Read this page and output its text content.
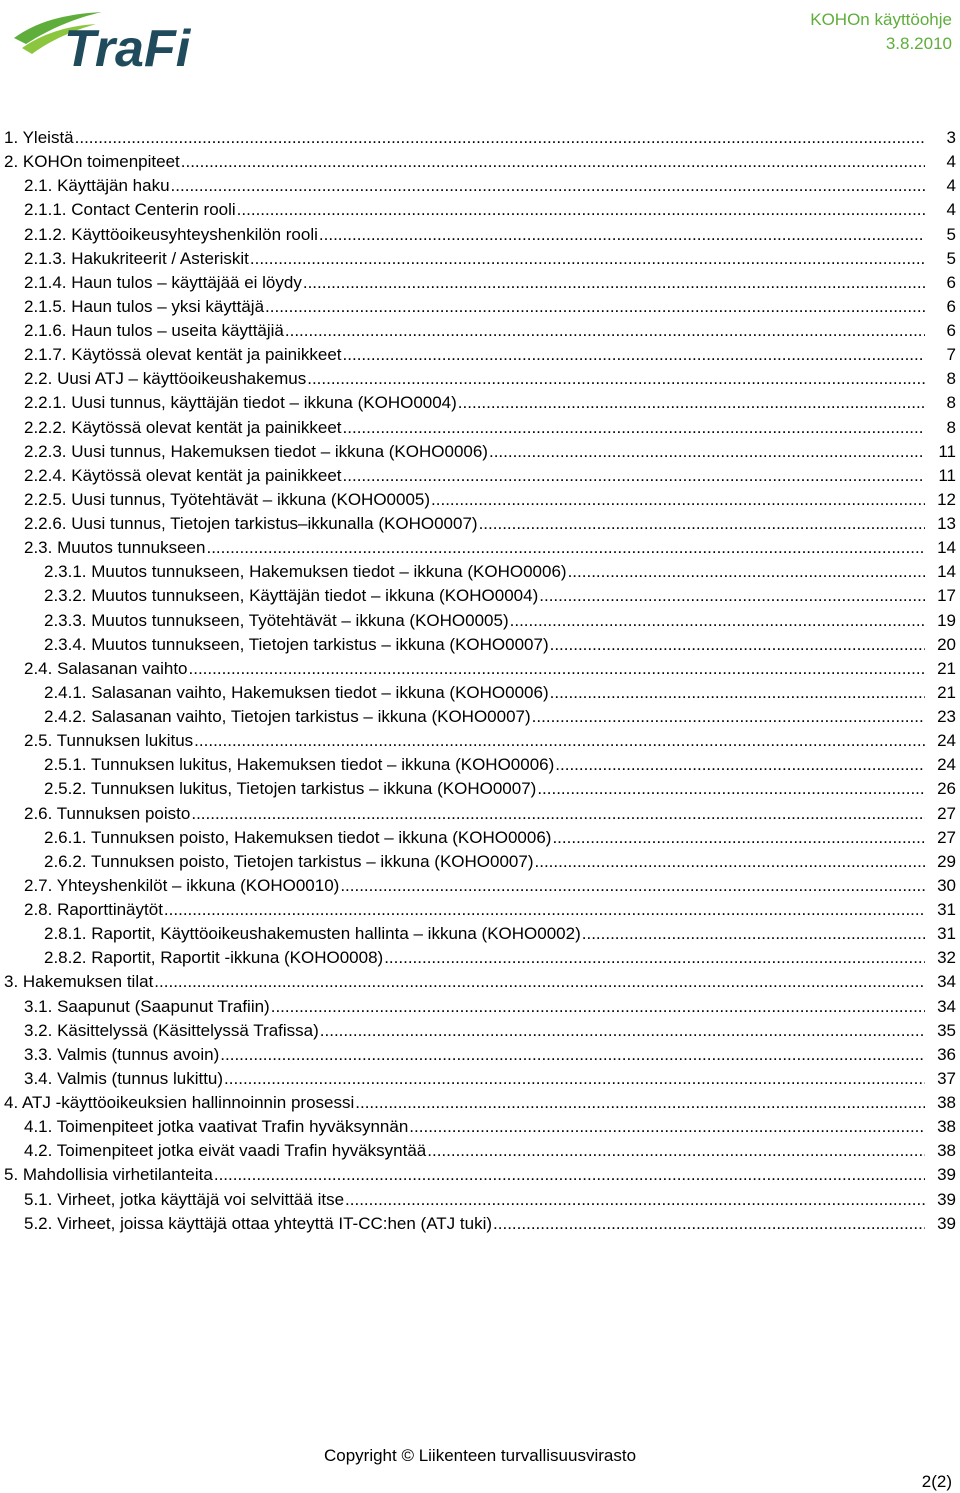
TraFi
KOHOn käyttöohje
3.8.2010
1. Yleistä .....	3
2. KOHOn toimenpiteet .....	4
2.1. Käyttäjän haku .....	4
2.1.1. Contact Centerin rooli .....	4
2.1.2. Käyttöoikeusyhteyshenkilön rooli .....	5
2.1.3. Hakukriteerit / Asteriskit .....	5
2.1.4. Haun tulos – käyttäjää ei löydy .....	6
2.1.5. Haun tulos – yksi käyttäjä .....	6
2.1.6. Haun tulos – useita käyttäjiä .....	6
2.1.7. Käytössä olevat kentät ja painikkeet .....	7
2.2. Uusi ATJ – käyttöoikeushakemus .....	8
2.2.1. Uusi tunnus, käyttäjän tiedot – ikkuna (KOHO0004) .....	8
2.2.2. Käytössä olevat kentät ja painikkeet .....	8
2.2.3. Uusi tunnus, Hakemuksen tiedot – ikkuna (KOHO0006) .....	11
2.2.4. Käytössä olevat kentät ja painikkeet .....	11
2.2.5. Uusi tunnus, Työtehtävät – ikkuna (KOHO0005) .....	12
2.2.6. Uusi tunnus, Tietojen tarkistus–ikkunalla (KOHO0007) .....	13
2.3. Muutos tunnukseen .....	14
2.3.1. Muutos tunnukseen, Hakemuksen tiedot – ikkuna (KOHO0006) .....	14
2.3.2. Muutos tunnukseen, Käyttäjän tiedot – ikkuna (KOHO0004) .....	17
2.3.3. Muutos tunnukseen, Työtehtävät – ikkuna (KOHO0005) .....	19
2.3.4. Muutos tunnukseen, Tietojen tarkistus – ikkuna (KOHO0007) .....	20
2.4. Salasanan vaihto .....	21
2.4.1. Salasanan vaihto, Hakemuksen tiedot – ikkuna (KOHO0006) .....	21
2.4.2. Salasanan vaihto, Tietojen tarkistus – ikkuna (KOHO0007) .....	23
2.5. Tunnuksen lukitus .....	24
2.5.1. Tunnuksen lukitus, Hakemuksen tiedot – ikkuna (KOHO0006) .....	24
2.5.2. Tunnuksen lukitus, Tietojen tarkistus – ikkuna (KOHO0007) .....	26
2.6. Tunnuksen poisto .....	27
2.6.1. Tunnuksen poisto, Hakemuksen tiedot – ikkuna (KOHO0006) .....	27
2.6.2. Tunnuksen poisto, Tietojen tarkistus – ikkuna (KOHO0007) .....	29
2.7. Yhteyshenkilöt – ikkuna (KOHO0010) .....	30
2.8. Raporttinäytöt .....	31
2.8.1. Raportit, Käyttöoikeushakemusten hallinta – ikkuna (KOHO0002) .....	31
2.8.2. Raportit, Raportit -ikkuna (KOHO0008) .....	32
3. Hakemuksen tilat .....	34
3.1. Saapunut (Saapunut Trafiin) .....	34
3.2. Käsittelyssä (Käsittelyssä Trafissa) .....	35
3.3. Valmis (tunnus avoin) .....	36
3.4. Valmis (tunnus lukittu) .....	37
4. ATJ -käyttöoikeuksien hallinnoinnin prosessi .....	38
4.1. Toimenpiteet jotka vaativat Trafin hyväksynnän .....	38
4.2. Toimenpiteet jotka eivät vaadi Trafin hyväksyntää .....	38
5. Mahdollisia virhetilanteita .....	39
5.1. Virheet, jotka käyttäjä voi selvittää itse .....	39
5.2. Virheet, joissa käyttäjä ottaa yhteyttä IT-CC:hen (ATJ tuki) .....	39
Copyright © Liikenteen turvallisuusvirasto
2(2)
